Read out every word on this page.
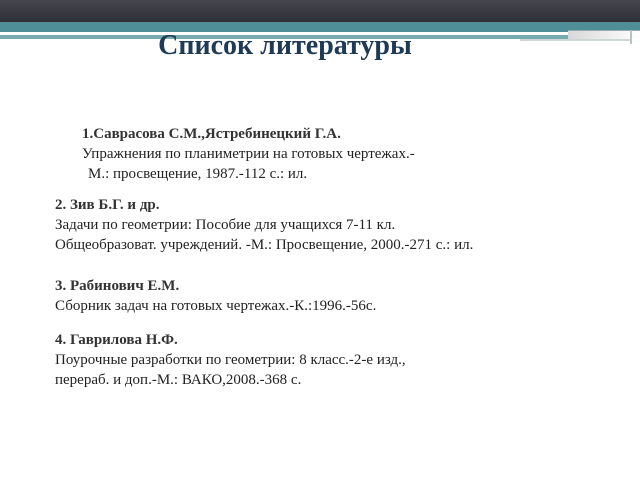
Список литературы
1.Саврасова С.М.,Ястребинецкий Г.А.
Упражнения по планиметрии на готовых чертежах.-
М.: просвещение, 1987.-112 с.: ил.
2. Зив Б.Г. и др.
Задачи по геометрии: Пособие для учащихся 7-11 кл.
Общеобразоват. учреждений. -М.: Просвещение, 2000.-271 с.: ил.
3. Рабинович Е.М.
Сборник задач на готовых чертежах.-К.:1996.-56с.
4. Гаврилова Н.Ф.
Поурочные разработки по геометрии: 8 класс.-2-е изд.,
перераб. и доп.-М.: ВАКО,2008.-368 с.
